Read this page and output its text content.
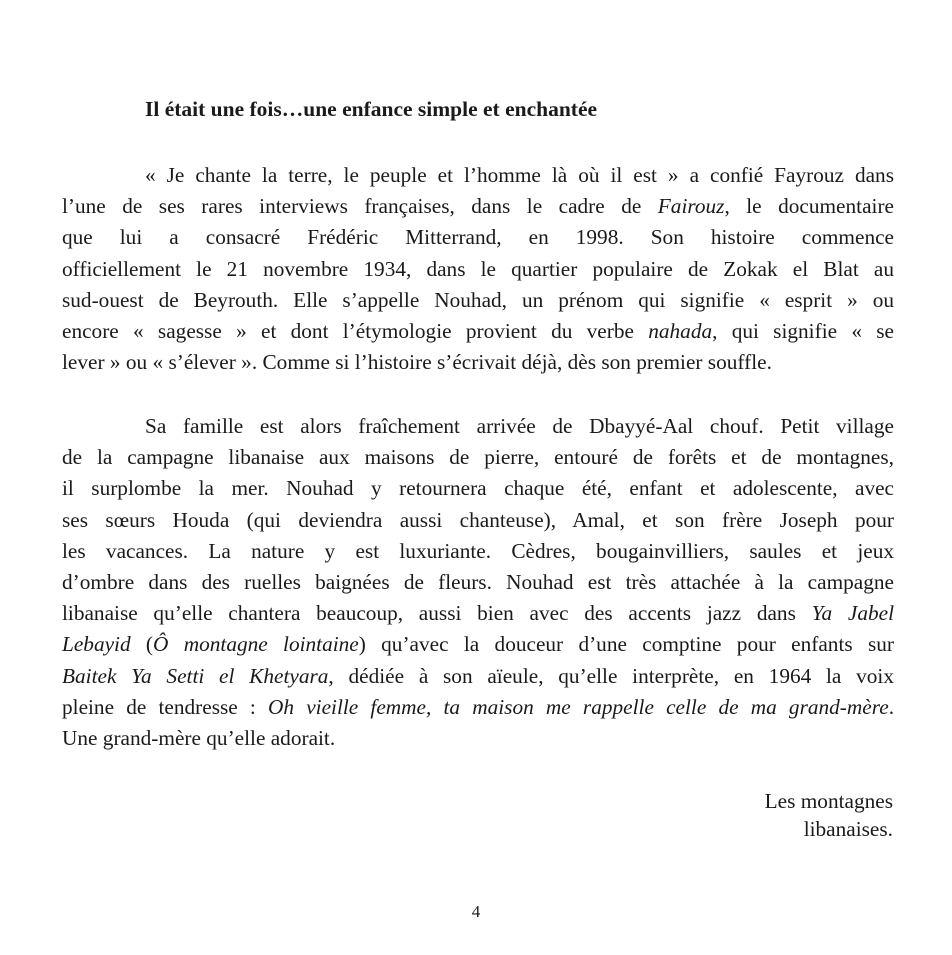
Il était une fois…une enfance simple et enchantée
« Je chante la terre, le peuple et l’homme là où il est » a confié Fayrouz dans
l’une de ses rares interviews françaises, dans le cadre de Fairouz, le documentaire
que lui a consacré Frédéric Mitterrand, en 1998. Son histoire commence
officiellement le 21 novembre 1934, dans le quartier populaire de Zokak el Blat au
sud-ouest de Beyrouth. Elle s’appelle Nouhad, un prénom qui signifie « esprit » ou
encore « sagesse » et dont l’étymologie provient du verbe nahada, qui signifie « se
lever » ou « s’élever ». Comme si l’histoire s’écrivait déjà, dès son premier souffle.
Sa famille est alors fraîchement arrivée de Dbayyé-Aal chouf. Petit village
de la campagne libanaise aux maisons de pierre, entouré de forêts et de montagnes,
il surplombe la mer. Nouhad y retournera chaque été, enfant et adolescente, avec
ses sœurs Houda (qui deviendra aussi chanteuse), Amal, et son frère Joseph pour
les vacances. La nature y est luxuriante. Cèdres, bougainvilliers, saules et jeux
d’ombre dans des ruelles baignées de fleurs. Nouhad est très attachée à la campagne
libanaise qu’elle chantera beaucoup, aussi bien avec des accents jazz dans Ya Jabel
Lebayid (Ô montagne lointaine) qu’avec la douceur d’une comptine pour enfants sur
Baitek Ya Setti el Khetyara, dédiée à son aïeule, qu’elle interprète, en 1964 la voix
pleine de tendresse : Oh vieille femme, ta maison me rappelle celle de ma grand-mère.
Une grand-mère qu’elle adorait.
Les montagnes
libanaises.
4
